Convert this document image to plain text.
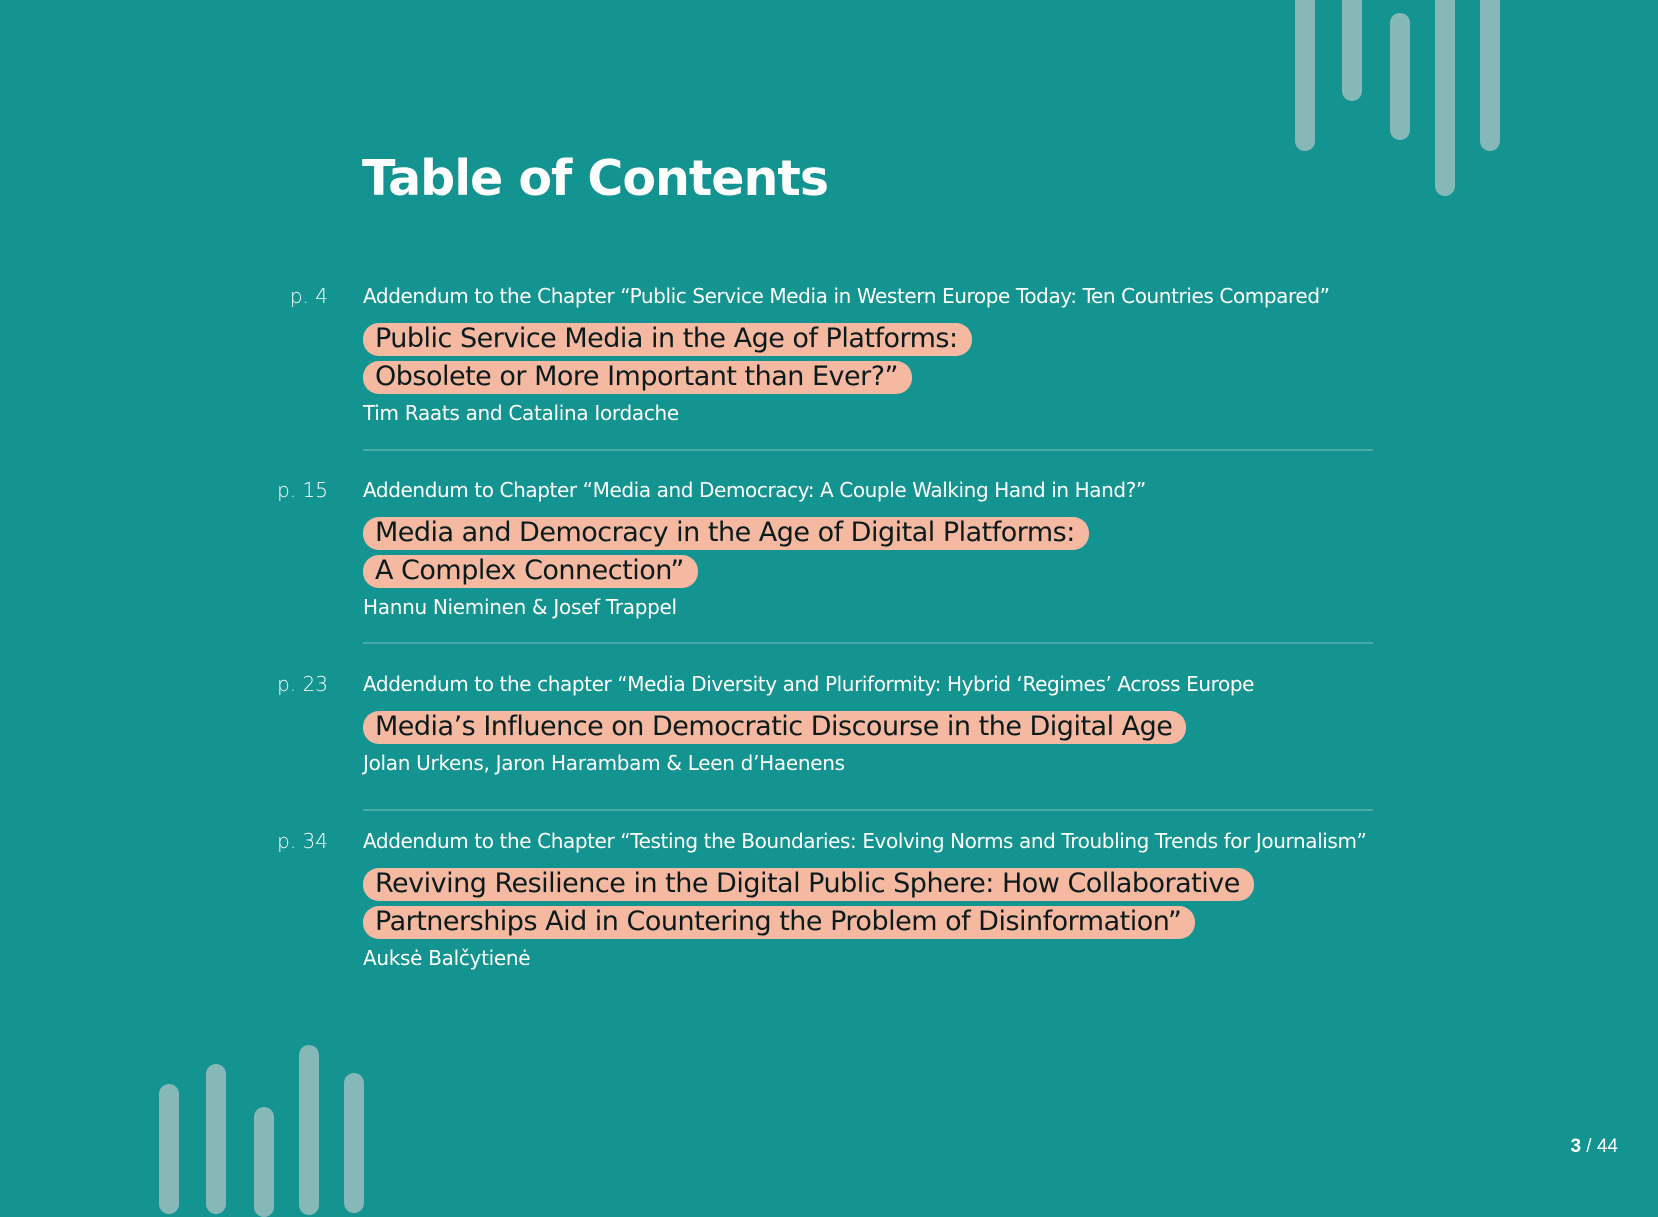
Table of Contents
p. 4 Addendum to the Chapter “Public Service Media in Western Europe Today: Ten Countries Compared”
Public Service Media in the Age of Platforms:
Obsolete or More Important than Ever?”
Tim Raats and Catalina Iordache
p. 15 Addendum to Chapter “Media and Democracy: A Couple Walking Hand in Hand?”
Media and Democracy in the Age of Digital Platforms:
A Complex Connection”
Hannu Nieminen & Josef Trappel
p. 23 Addendum to the chapter “Media Diversity and Pluriformity: Hybrid ‘Regimes’ Across Europe
Media’s Influence on Democratic Discourse in the Digital Age
Jolan Urkens, Jaron Harambam & Leen d’Haenens
p. 34 Addendum to the Chapter “Testing the Boundaries: Evolving Norms and Troubling Trends for Journalism”
Reviving Resilience in the Digital Public Sphere: How Collaborative
Partnerships Aid in Countering the Problem of Disinformation”
Auksė Balčytienė
3 / 44
